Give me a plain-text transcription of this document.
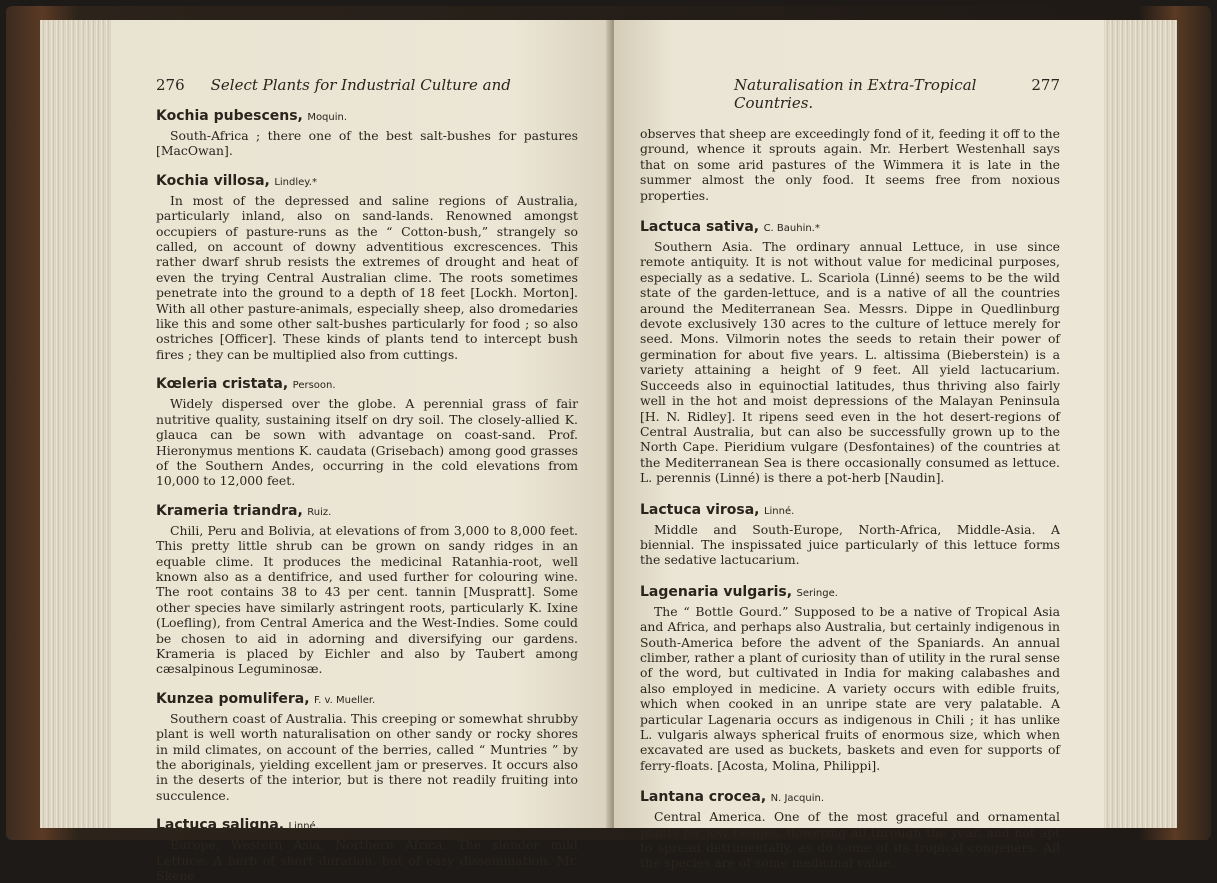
276 Select Plants for Industrial Culture and
Kochia pubescens, Moquin.

South-Africa ; there one of the best salt-bushes for pastures [MacOwan].

Kochia villosa, Lindley.*

In most of the depressed and saline regions of Australia, particularly inland, also on sand-lands. Renowned amongst occupiers of pasture-runs as the “ Cotton-bush,” strangely so called, on account of downy adventitious excrescences. This rather dwarf shrub resists the extremes of drought and heat of even the trying Central Australian clime. The roots sometimes penetrate into the ground to a depth of 18 feet [Lockh. Morton]. With all other pasture-animals, especially sheep, also dromedaries like this and some other salt-bushes particularly for food ; so also ostriches [Officer]. These kinds of plants tend to intercept bush fires ; they can be multiplied also from cuttings.

Kœleria cristata, Persoon.

Widely dispersed over the globe. A perennial grass of fair nutritive quality, sustaining itself on dry soil. The closely-allied K. glauca can be sown with advantage on coast-sand. Prof. Hieronymus mentions K. caudata (Grisebach) among good grasses of the Southern Andes, occurring in the cold elevations from 10,000 to 12,000 feet.

Krameria triandra, Ruiz.

Chili, Peru and Bolivia, at elevations of from 3,000 to 8,000 feet. This pretty little shrub can be grown on sandy ridges in an equable clime. It produces the medicinal Ratanhia-root, well known also as a dentifrice, and used further for colouring wine. The root contains 38 to 43 per cent. tannin [Muspratt]. Some other species have similarly astringent roots, particularly K. Ixine (Loefling), from Central America and the West-Indies. Some could be chosen to aid in adorning and diversifying our gardens. Krameria is placed by Eichler and also by Taubert among cæsalpinous Leguminosæ.

Kunzea pomulifera, F. v. Mueller.

Southern coast of Australia. This creeping or somewhat shrubby plant is well worth naturalisation on other sandy or rocky shores in mild climates, on account of the berries, called “ Muntries ” by the aboriginals, yielding excellent jam or preserves. It occurs also in the deserts of the interior, but is there not readily fruiting into succulence.

Lactuca saligna, Linné.

Europe, Western Asia, Northern Africa. The slender mild Lettuce. A herb of short duration, but of easy dissemination. Mr. Skene

Naturalisation in Extra-Tropical Countries.
277

observes that sheep are exceedingly fond of it, feeding it off to the ground, whence it sprouts again. Mr. Herbert Westenhall says that on some arid pastures of the Wimmera it is late in the summer almost the only food. It seems free from noxious properties.

Lactuca sativa, C. Bauhin.*

Southern Asia. The ordinary annual Lettuce, in use since remote antiquity. It is not without value for medicinal purposes, especially as a sedative. L. Scariola (Linné) seems to be the wild state of the garden-lettuce, and is a native of all the countries around the Mediterranean Sea. Messrs. Dippe in Quedlinburg devote exclusively 130 acres to the culture of lettuce merely for seed. Mons. Vilmorin notes the seeds to retain their power of germination for about five years. L. altissima (Bieberstein) is a variety attaining a height of 9 feet. All yield lactucarium. Succeeds also in equinoctial latitudes, thus thriving also fairly well in the hot and moist depressions of the Malayan Peninsula [H. N. Ridley]. It ripens seed even in the hot desert-regions of Central Australia, but can also be successfully grown up to the North Cape. Pieridium vulgare (Desfontaines) of the countries at the Mediterranean Sea is there occasionally consumed as lettuce. L. perennis (Linné) is there a pot-herb [Naudin].

Lactuca virosa, Linné.

Middle and South-Europe, North-Africa, Middle-Asia. A biennial. The inspissated juice particularly of this lettuce forms the sedative lactucarium.

Lagenaria vulgaris, Seringe.

The “ Bottle Gourd.” Supposed to be a native of Tropical Asia and Africa, and perhaps also Australia, but certainly indigenous in South-America before the advent of the Spaniards. An annual climber, rather a plant of curiosity than of utility in the rural sense of the word, but cultivated in India for making calabashes and also employed in medicine. A variety occurs with edible fruits, which when cooked in an unripe state are very palatable. A particular Lagenaria occurs as indigenous in Chili ; it has unlike L. vulgaris always spherical fruits of enormous size, which when excavated are used as buckets, baskets and even for supports of ferry-floats. [Acosta, Molina, Philippi].

Lantana crocea, N. Jacquin.

Central America. One of the most graceful and ornamental plants for low hedges, flowering all through the year, and not apt to spread detrimentally, as do some of its tropical congeners. All the species are of some medicinal value.
